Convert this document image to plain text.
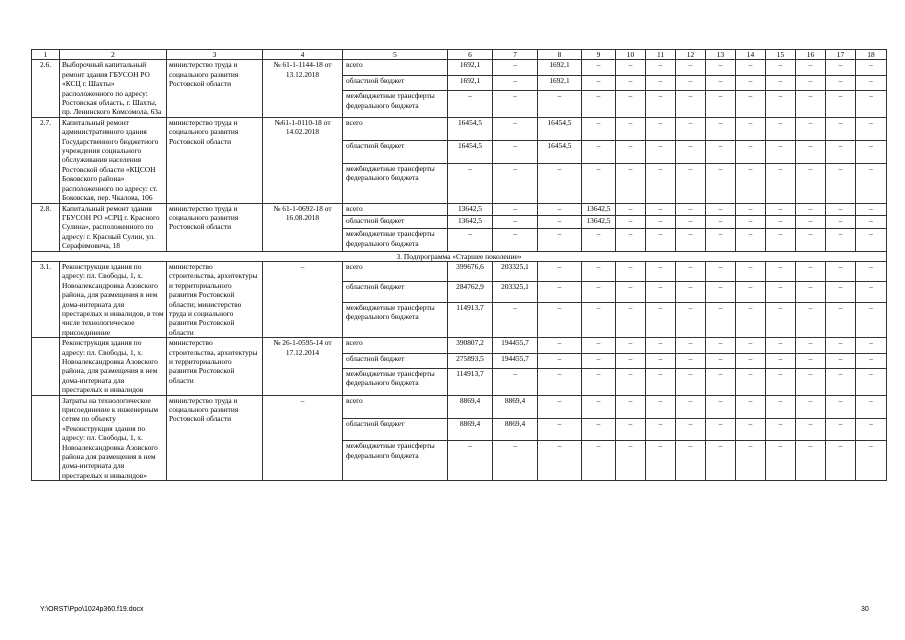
1	2	3	4	5	6	7	8	9	10	11	12	13	14	15	16	17	18
2.6.	Выборочный капитальный ремонт здания ГБУСОН РО «КСЦ г. Шахты» расположенного по адресу: Ростовская область, г. Шахты, пр. Ленинского Комсомола, 63а	министерство труда и социального развития Ростовской области	№ 61-1-1144-18 от 13.12.2018	всего	1692,1	–	1692,1	–	–	–	–	–	–	–	–	–	–
				областной бюджет	1692,1	–	1692,1	–	–	–	–	–	–	–	–	–	–
				межбюджетные трансферты федерального бюджета	–	–	–	–	–	–	–	–	–	–	–	–	–
2.7.	Капитальный ремонт административного здания Государственного бюджетного учреждения социального обслуживания населения Ростовской области «КЦСОН Боковского района» расположенного по адресу: ст. Боковская, пер. Чкалова, 106	министерство труда и социального развития Ростовской области	№61-1-0110-18 от 14.02.2018	всего	16454,5	–	16454,5	–	–	–	–	–	–	–	–	–	–
				областной бюджет	16454,5	–	16454,5	–	–	–	–	–	–	–	–	–	–
				межбюджетные трансферты федерального бюджета	–	–	–	–	–	–	–	–	–	–	–	–	–
2.8.	Капитальный ремонт здания ГБУСОН РО «СРЦ г. Красного Сулина», расположенного по адресу: г. Красный Сулин, ул. Серафимовича, 18	министерство труда и социального развития Ростовской области	№ 61-1-0692-18 от 16.08.2018	всего	13642,5	–	–	13642,5	–	–	–	–	–	–	–	–	–
				областной бюджет	13642,5	–	–	13642,5	–	–	–	–	–	–	–	–	–
				межбюджетные трансферты федерального бюджета	–	–	–	–	–	–	–	–	–	–	–	–	–
3. Подпрограмма «Старшее поколение»																	
3.1.	Реконструкция здания по адресу: пл. Свободы, 1, х. Новоалександровка Азовского района, для размещения в нем дома-интерната для престарелых и инвалидов, в том числе технологическое присоединение	министерство строительства, архитектуры и территориального развития Ростовской области; министерство труда и социального развития Ростовской области	–	всего	399676,6	203325,1	–	–	–	–	–	–	–	–	–	–	–
				областной бюджет	284762,9	203325,1	–	–	–	–	–	–	–	–	–	–	–
				межбюджетные трансферты федерального бюджета	114913,7	–	–	–	–	–	–	–	–	–	–	–	–
	Реконструкция здания по адресу: пл. Свободы, 1, х. Новоалександровка Азовского района, для размещения в нем дома-интерната для престарелых и инвалидов	министерство строительства, архитектуры и территориального развития Ростовской области	№ 26-1-0595-14 от 17.12.2014	всего	390807,2	194455,7	–	–	–	–	–	–	–	–	–	–	–
				областной бюджет	275893,5	194455,7	–	–	–	–	–	–	–	–	–	–	–
				межбюджетные трансферты федерального бюджета	114913,7	–	–	–	–	–	–	–	–	–	–	–	–
	Затраты на технологическое присоединение к инженерным сетям по объекту «Реконструкция здания по адресу: пл. Свободы, 1, х. Новоалександровка Азовского района для размещения в нем дома-интерната для престарелых и инвалидов»	министерство труда и социального развития Ростовской области	–	всего	8869,4	8869,4	–	–	–	–	–	–	–	–	–	–	–
				областной бюджет	8869,4	8869,4	–	–	–	–	–	–	–	–	–	–	–
				межбюджетные трансферты федерального бюджета	–	–	–	–	–	–	–	–	–	–	–	–	–
Y:\ORST\Ppo\1024p360.f19.docx	30
